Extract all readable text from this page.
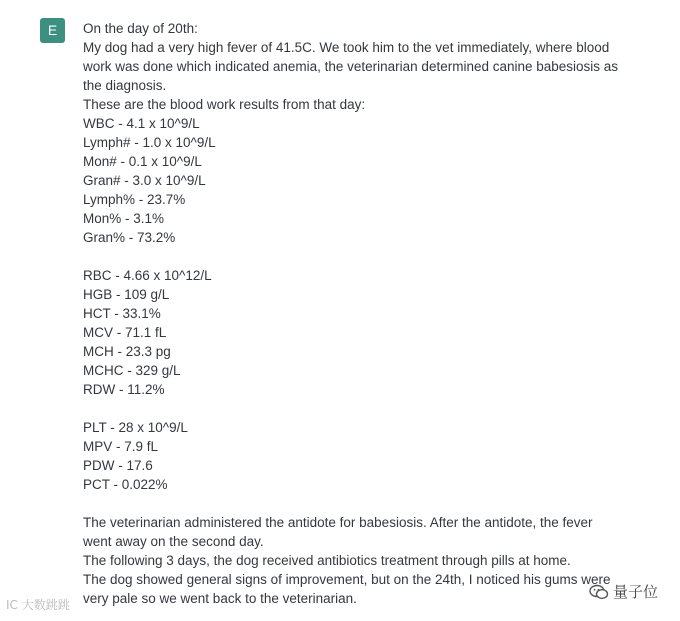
E	On the day of 20th:
My dog had a very high fever of 41.5C. We took him to the vet immediately, where blood
work was done which indicated anemia, the veterinarian determined canine babesiosis as
the diagnosis.
These are the blood work results from that day:
WBC - 4.1 x 10^9/L
Lymph# - 1.0 x 10^9/L
Mon# - 0.1 x 10^9/L
Gran# - 3.0 x 10^9/L
Lymph% - 23.7%
Mon% - 3.1%
Gran% - 73.2%
RBC - 4.66 x 10^12/L
HGB - 109 g/L
HCT - 33.1%
MCV - 71.1 fL
MCH - 23.3 pg
MCHC - 329 g/L
RDW - 11.2%
PLT - 28 x 10^9/L
MPV - 7.9 fL
PDW - 17.6
PCT - 0.022%
The veterinarian administered the antidote for babesiosis. After the antidote, the fever
went away on the second day.
The following 3 days, the dog received antibiotics treatment through pills at home.
The dog showed general signs of improvement, but on the 24th, I noticed his gums were
very pale so we went back to the veterinarian.
IC 大数跳跳
量子位
